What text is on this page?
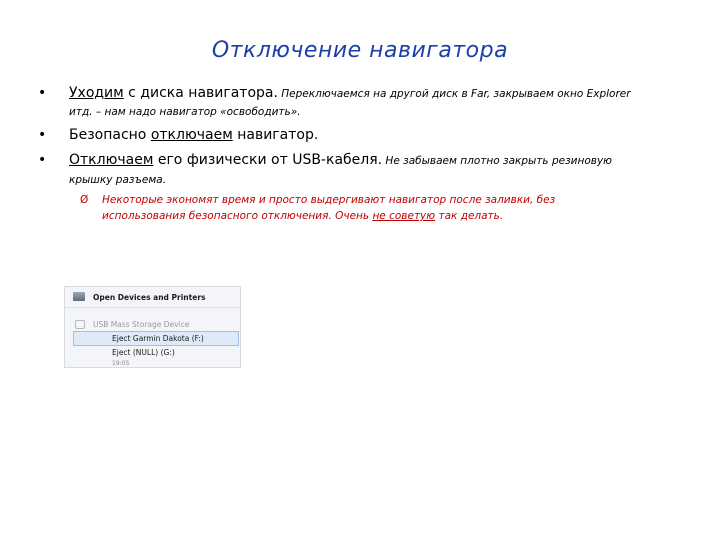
Отключение навигатора
• Уходим с диска навигатора. Переключаемся на другой диск в Far, закрываем окно Explorer
итд. – нам надо навигатор «освободить».
• Безопасно отключаем навигатор.
• Отключаем его физически от USB-кабеля. Не забываем плотно закрыть резиновую
крышку разъема.
Ø Некоторые экономят время и просто выдергивают навигатор после заливки, без
использования безопасного отключения. Очень не советую так делать.
Open Devices and Printers
USB Mass Storage Device
Eject Garmin Dakota (F:)
Eject (NULL) (G:)
19:05
